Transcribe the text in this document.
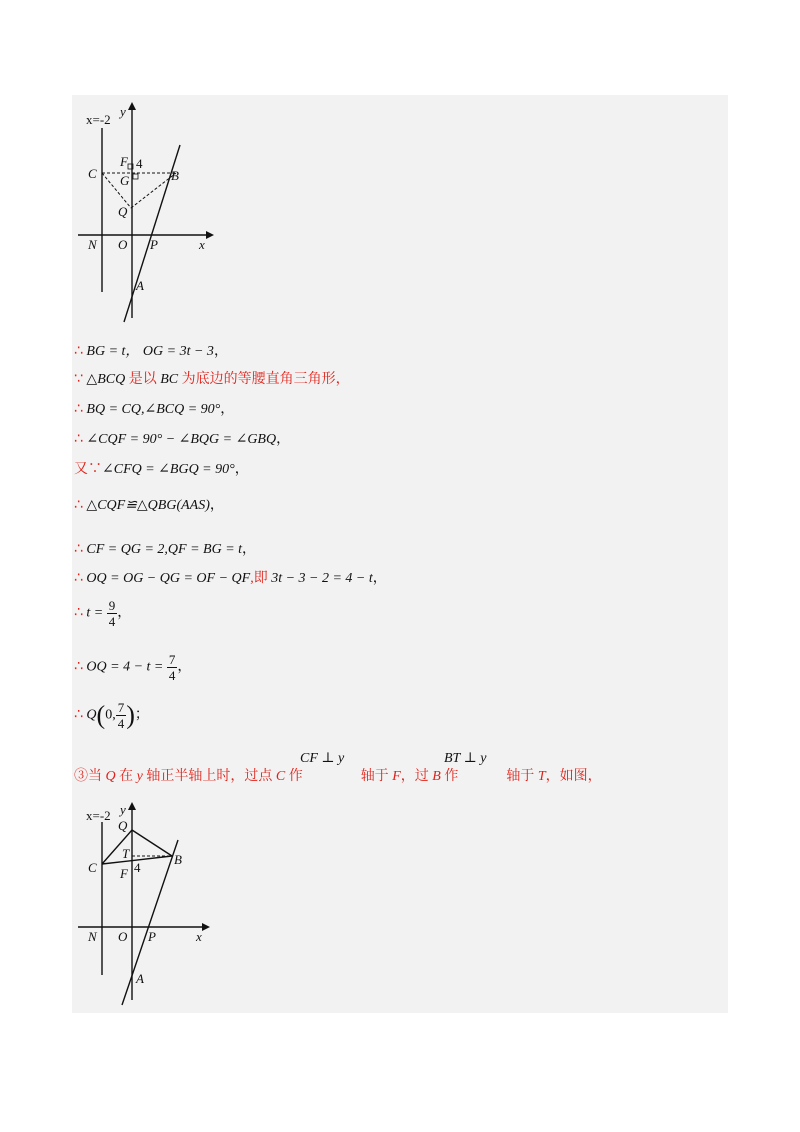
x=-2
y
x
C
F 4
G	B
Q
N O P
A
∴ BG = t， OG = 3t − 3，
∵ △BCQ 是以 BC 为底边的等腰直角三角形，
∴ BQ = CQ,∠BCQ = 90°，
∴ ∠CQF = 90° − ∠BQG = ∠GBQ，
又∵∠CFQ = ∠BGQ = 90°，
∴ △CQF≌△QBG(AAS)，
∴ CF = QG = 2,QF = BG = t，
∴ OQ = OG − QG = OF − QF,即 3t − 3 − 2 = 4 − t，
∴ $t = \frac{9}{4}$ ，
∴ OQ = $4 - t = \frac{7}{4}$ ，
∴ Q(0, $\frac{7}{4}$ )；
CF ⊥ y	BT ⊥ y
③当 Q 在 y 轴正半轴上时，过点 C 作	轴于 F，过 B 作	轴于 T，如图，
x=-2 y
x
Q
T
C F 4
B
N O P
A
